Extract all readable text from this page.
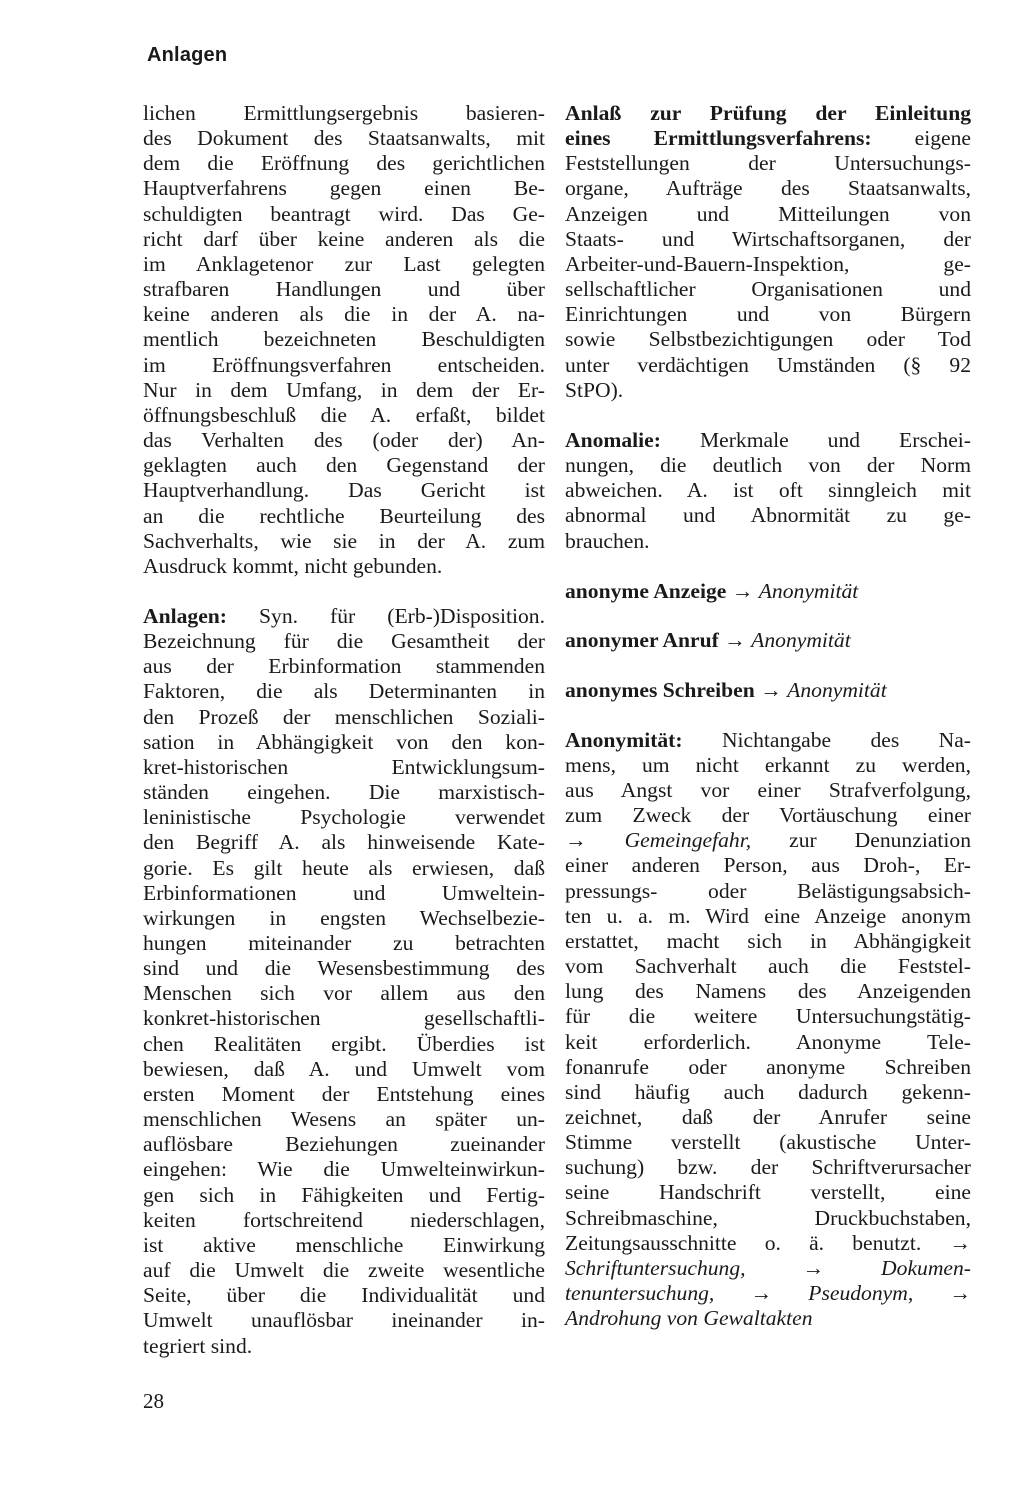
Anlagen
lichen Ermittlungsergebnis basieren-
des Dokument des Staatsanwalts, mit
dem die Eröffnung des gerichtlichen
Hauptverfahrens gegen einen Be-
schuldigten beantragt wird. Das Ge-
richt darf über keine anderen als die
im Anklagetenor zur Last gelegten
strafbaren Handlungen und über
keine anderen als die in der A. na-
mentlich bezeichneten Beschuldigten
im Eröffnungsverfahren entscheiden.
Nur in dem Umfang, in dem der Er-
öffnungsbeschluß die A. erfaßt, bildet
das Verhalten des (oder der) An-
geklagten auch den Gegenstand der
Hauptverhandlung. Das Gericht ist
an die rechtliche Beurteilung des
Sachverhalts, wie sie in der A. zum
Ausdruck kommt, nicht gebunden.
Anlagen: Syn. für (Erb-)Disposition.
Bezeichnung für die Gesamtheit der
aus der Erbinformation stammenden
Faktoren, die als Determinanten in
den Prozeß der menschlichen Soziali-
sation in Abhängigkeit von den kon-
kret-historischen Entwicklungsum-
ständen eingehen. Die marxistisch-
leninistische Psychologie verwendet
den Begriff A. als hinweisende Kate-
gorie. Es gilt heute als erwiesen, daß
Erbinformationen und Umweltein-
wirkungen in engsten Wechselbezie-
hungen miteinander zu betrachten
sind und die Wesensbestimmung des
Menschen sich vor allem aus den
konkret-historischen gesellschaftli-
chen Realitäten ergibt. Überdies ist
bewiesen, daß A. und Umwelt vom
ersten Moment der Entstehung eines
menschlichen Wesens an später un-
auflösbare Beziehungen zueinander
eingehen: Wie die Umwelteinwirkun-
gen sich in Fähigkeiten und Fertig-
keiten fortschreitend niederschlagen,
ist aktive menschliche Einwirkung
auf die Umwelt die zweite wesentliche
Seite, über die Individualität und
Umwelt unauflösbar ineinander in-
tegriert sind.
Anlaß zur Prüfung der Einleitung
eines Ermittlungsverfahrens: eigene
Feststellungen der Untersuchungs-
organe, Aufträge des Staatsanwalts,
Anzeigen und Mitteilungen von
Staats- und Wirtschaftsorganen, der
Arbeiter-und-Bauern-Inspektion, ge-
sellschaftlicher Organisationen und
Einrichtungen und von Bürgern
sowie Selbstbezichtigungen oder Tod
unter verdächtigen Umständen (§ 92
StPO).
Anomalie: Merkmale und Erschei-
nungen, die deutlich von der Norm
abweichen. A. ist oft sinngleich mit
abnormal und Abnormität zu ge-
brauchen.
anonyme Anzeige → Anonymität
anonymer Anruf → Anonymität
anonymes Schreiben → Anonymität
Anonymität: Nichtangabe des Na-
mens, um nicht erkannt zu werden,
aus Angst vor einer Strafverfolgung,
zum Zweck der Vortäuschung einer
→ Gemeingefahr, zur Denunziation
einer anderen Person, aus Droh-, Er-
pressungs- oder Belästigungsabsich-
ten u. a. m. Wird eine Anzeige anonym
erstattet, macht sich in Abhängigkeit
vom Sachverhalt auch die Feststel-
lung des Namens des Anzeigenden
für die weitere Untersuchungstätig-
keit erforderlich. Anonyme Tele-
fonanrufe oder anonyme Schreiben
sind häufig auch dadurch gekenn-
zeichnet, daß der Anrufer seine
Stimme verstellt (akustische Unter-
suchung) bzw. der Schriftverursacher
seine Handschrift verstellt, eine
Schreibmaschine, Druckbuchstaben,
Zeitungsausschnitte o. ä. benutzt. →
Schriftuntersuchung, → Dokumen-
tenuntersuchung, → Pseudonym, →
Androhung von Gewaltakten
28
